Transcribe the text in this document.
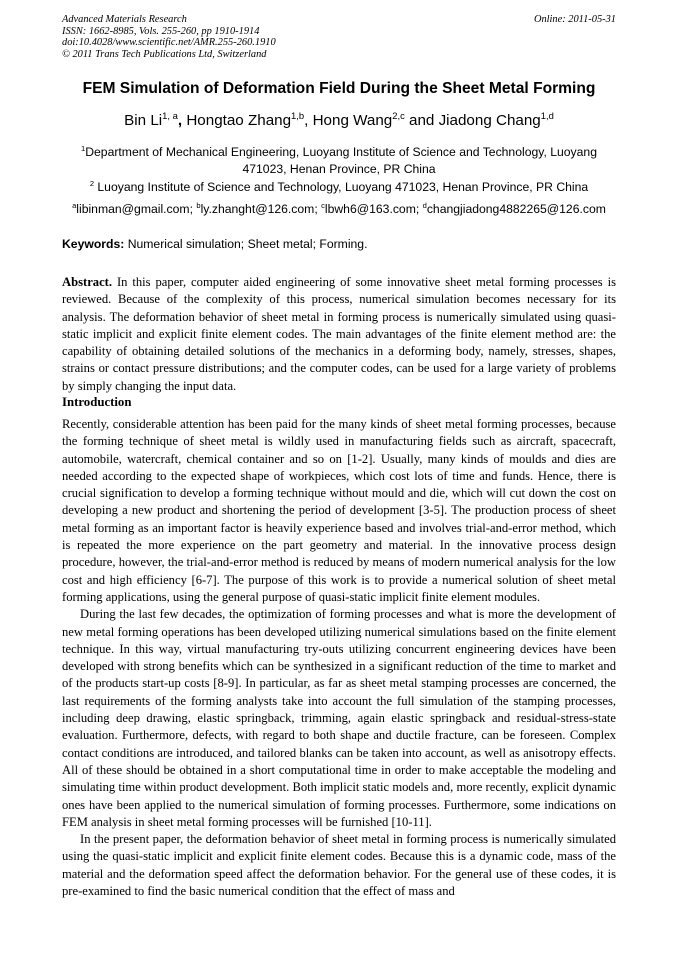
Advanced Materials Research
ISSN: 1662-8985, Vols. 255-260, pp 1910-1914
doi:10.4028/www.scientific.net/AMR.255-260.1910
© 2011 Trans Tech Publications Ltd, Switzerland
Online: 2011-05-31
FEM Simulation of Deformation Field During the Sheet Metal Forming
Bin Li$^{1, a}$, Hongtao Zhang$^{1,b}$, Hong Wang$^{2,c}$ and Jiadong Chang$^{1,d}$
$^1$Department of Mechanical Engineering, Luoyang Institute of Science and Technology, Luoyang 471023, Henan Province, PR China
$^2$ Luoyang Institute of Science and Technology, Luoyang 471023, Henan Province, PR China
$^a$libinman@gmail.com; $^b$ly.zhanght@126.com; $^c$lbwh6@163.com; $^d$changjiadong4882265@126.com
Keywords: Numerical simulation; Sheet metal; Forming.

Abstract. In this paper, computer aided engineering of some innovative sheet metal forming processes is reviewed. Because of the complexity of this process, numerical simulation becomes necessary for its analysis. The deformation behavior of sheet metal in forming process is numerically simulated using quasi-static implicit and explicit finite element codes. The main advantages of the finite element method are: the capability of obtaining detailed solutions of the mechanics in a deforming body, namely, stresses, shapes, strains or contact pressure distributions; and the computer codes, can be used for a large variety of problems by simply changing the input data.

Introduction

Recently, considerable attention has been paid for the many kinds of sheet metal forming processes, because the forming technique of sheet metal is wildly used in manufacturing fields such as aircraft, spacecraft, automobile, watercraft, chemical container and so on [1-2]. Usually, many kinds of moulds and dies are needed according to the expected shape of workpieces, which cost lots of time and funds. Hence, there is crucial signification to develop a forming technique without mould and die, which will cut down the cost on developing a new product and shortening the period of development [3-5]. The production process of sheet metal forming as an important factor is heavily experience based and involves trial-and-error method, which is repeated the more experience on the part geometry and material. In the innovative process design procedure, however, the trial-and-error method is reduced by means of modern numerical analysis for the low cost and high efficiency [6-7]. The purpose of this work is to provide a numerical solution of sheet metal forming applications, using the general purpose of quasi-static implicit finite element modules.

During the last few decades, the optimization of forming processes and what is more the development of new metal forming operations has been developed utilizing numerical simulations based on the finite element technique. In this way, virtual manufacturing try-outs utilizing concurrent engineering devices have been developed with strong benefits which can be synthesized in a significant reduction of the time to market and of the products start-up costs [8-9]. In particular, as far as sheet metal stamping processes are concerned, the last requirements of the forming analysts take into account the full simulation of the stamping processes, including deep drawing, elastic springback, trimming, again elastic springback and residual-stress-state evaluation. Furthermore, defects, with regard to both shape and ductile fracture, can be foreseen. Complex contact conditions are introduced, and tailored blanks can be taken into account, as well as anisotropy effects. All of these should be obtained in a short computational time in order to make acceptable the modeling and simulating time within product development. Both implicit static models and, more recently, explicit dynamic ones have been applied to the numerical simulation of forming processes. Furthermore, some indications on FEM analysis in sheet metal forming processes will be furnished [10-11].

In the present paper, the deformation behavior of sheet metal in forming process is numerically simulated using the quasi-static implicit and explicit finite element codes. Because this is a dynamic code, mass of the material and the deformation speed affect the deformation behavior. For the general use of these codes, it is pre-examined to find the basic numerical condition that the effect of mass and
